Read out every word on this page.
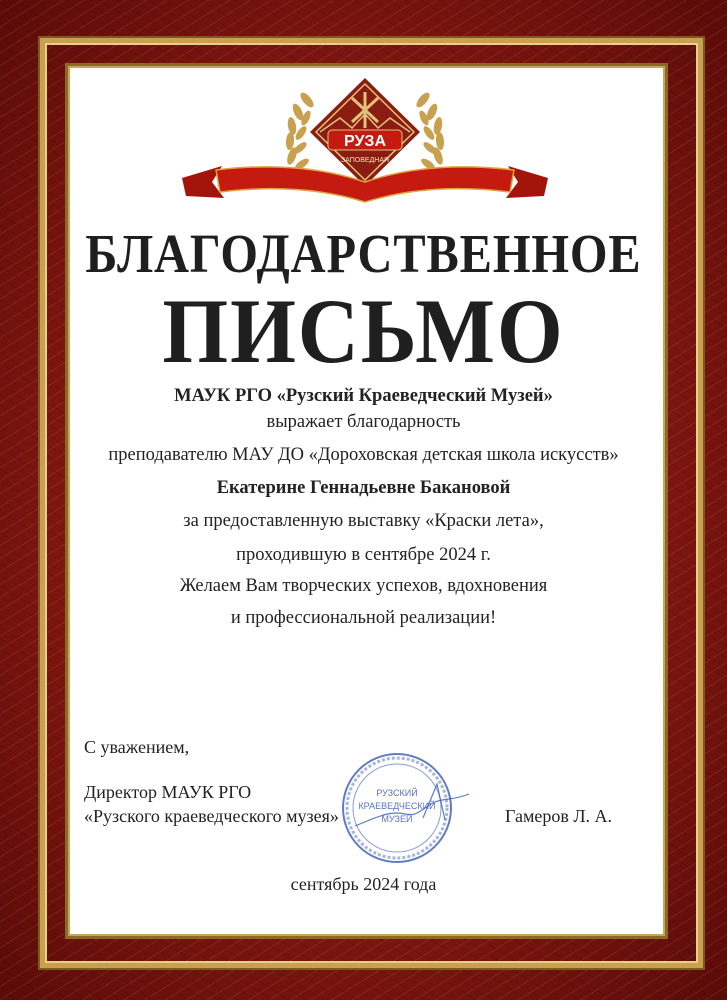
РУЗА
ЗАПОВЕДНАЯ
БЛАГОДАРСТВЕННОЕ
ПИСЬМО
МАУК РГО «Рузский Краеведческий Музей»
выражает благодарность
преподавателю МАУ ДО «Дороховская детская школа искусств»
Екатерине Геннадьевне Бакановой
за предоставленную выставку «Краски лета»,
проходившую в сентябре 2024 г.
Желаем Вам творческих успехов, вдохновения
и профессиональной реализации!
С уважением,
Директор МАУК РГО
«Рузского краеведческого музея»	Гамеров Л. А.
РУЗСКИЙ
КРАЕВЕДЧЕСКИЙ
МУЗЕЙ
сентябрь 2024 года
